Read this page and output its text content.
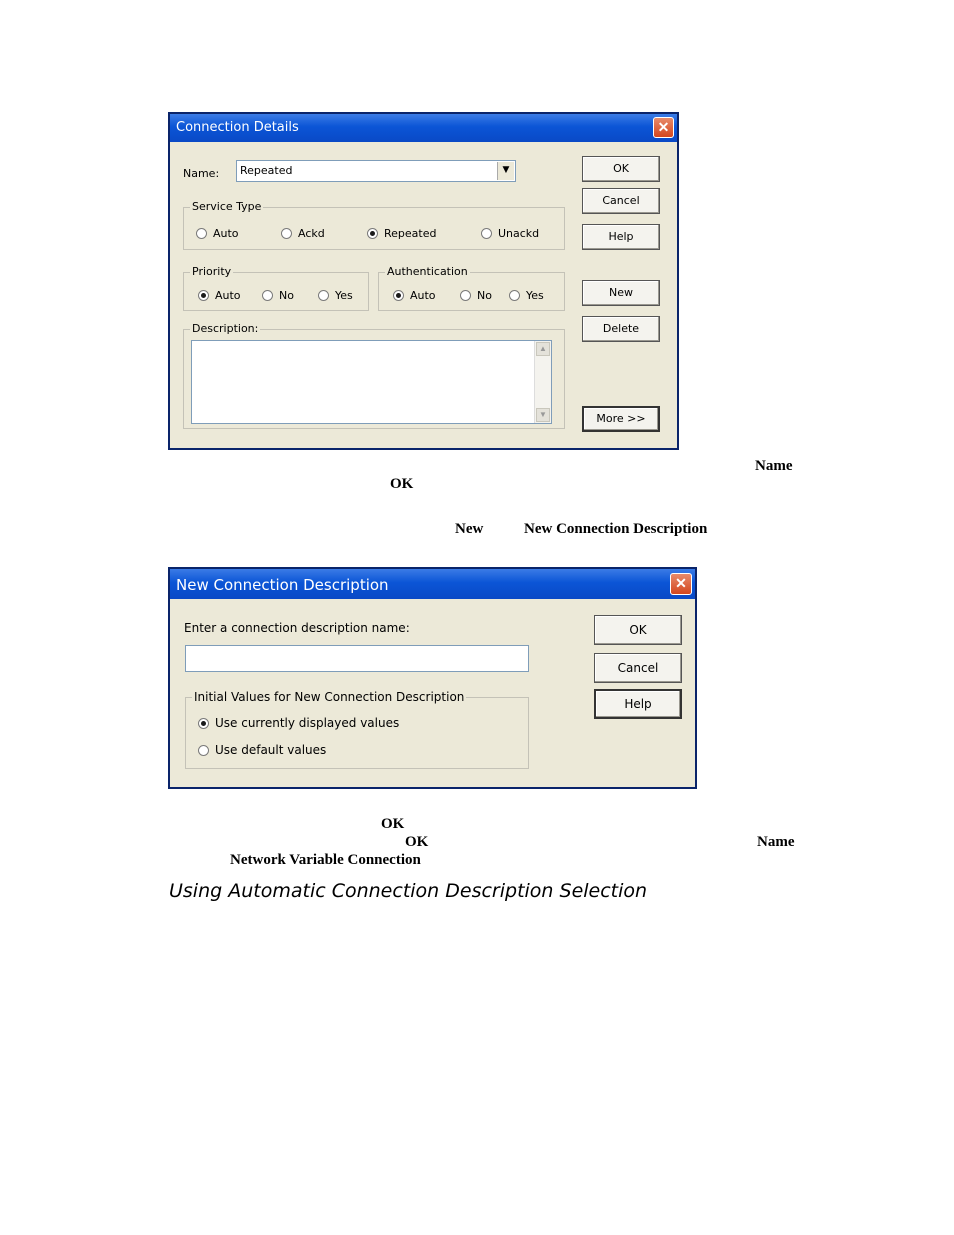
Connection Details	✕
Name: Repeated	▼
Service Type
Auto	Ackd	Repeated	Unackd
Priority
Auto	No	Yes
Authentication
Auto	No	Yes
Description:
▲
▼
OK
Cancel
Help
New
Delete
More >>
Name
OK
New	New Connection Description
New Connection Description	✕
Enter a connection description name:
Initial Values for New Connection Description
Use currently displayed values
Use default values
OK
Cancel
Help
OK
OK	Name
Network Variable Connection
Using Automatic Connection Description Selection
